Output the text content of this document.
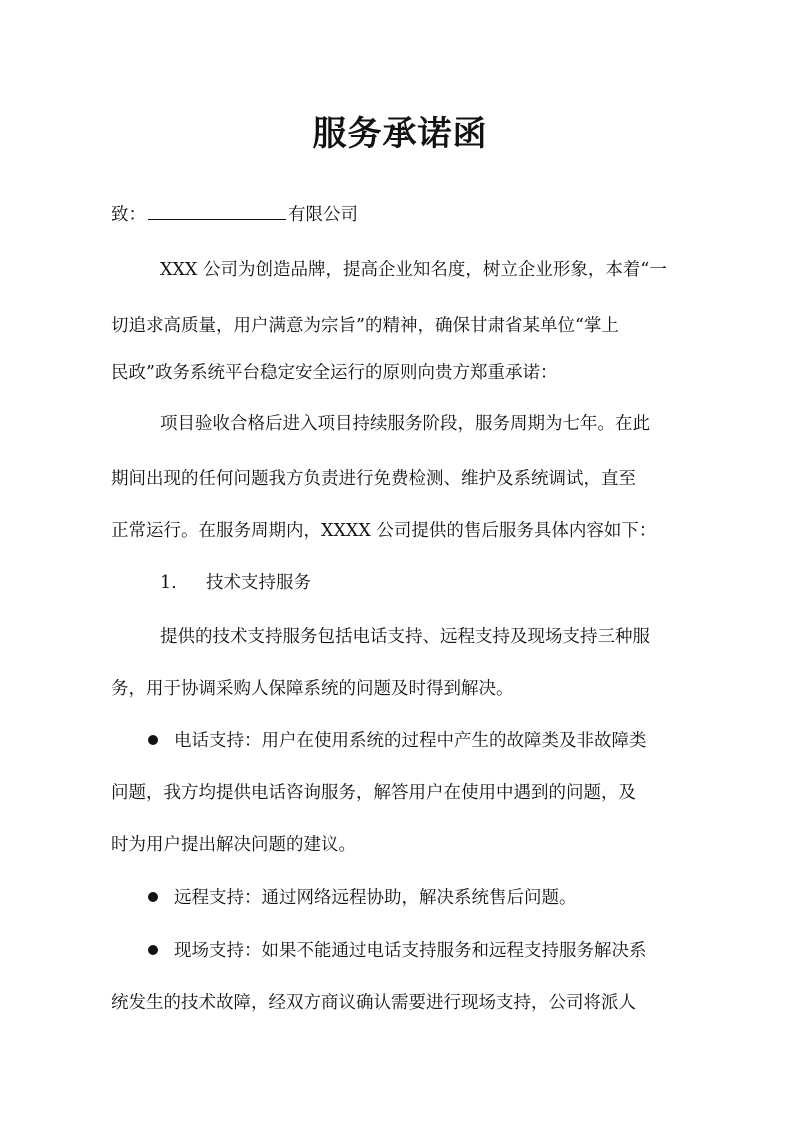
服务承诺函
致：	有限公司
XXX 公司为创造品牌，提高企业知名度，树立企业形象，本着“一
切追求高质量，用户满意为宗旨”的精神，确保甘肃省某单位“掌上
民政”政务系统平台稳定安全运行的原则向贵方郑重承诺：
项目验收合格后进入项目持续服务阶段，服务周期为七年。在此
期间出现的任何问题我方负责进行免费检测、维护及系统调试，直至
正常运行。在服务周期内，XXXX 公司提供的售后服务具体内容如下：
1. 技术支持服务
提供的技术支持服务包括电话支持、远程支持及现场支持三种服
务，用于协调采购人保障系统的问题及时得到解决。
电话支持：用户在使用系统的过程中产生的故障类及非故障类
问题，我方均提供电话咨询服务，解答用户在使用中遇到的问题，及
时为用户提出解决问题的建议。
远程支持：通过网络远程协助，解决系统售后问题。
现场支持：如果不能通过电话支持服务和远程支持服务解决系
统发生的技术故障，经双方商议确认需要进行现场支持，公司将派人
